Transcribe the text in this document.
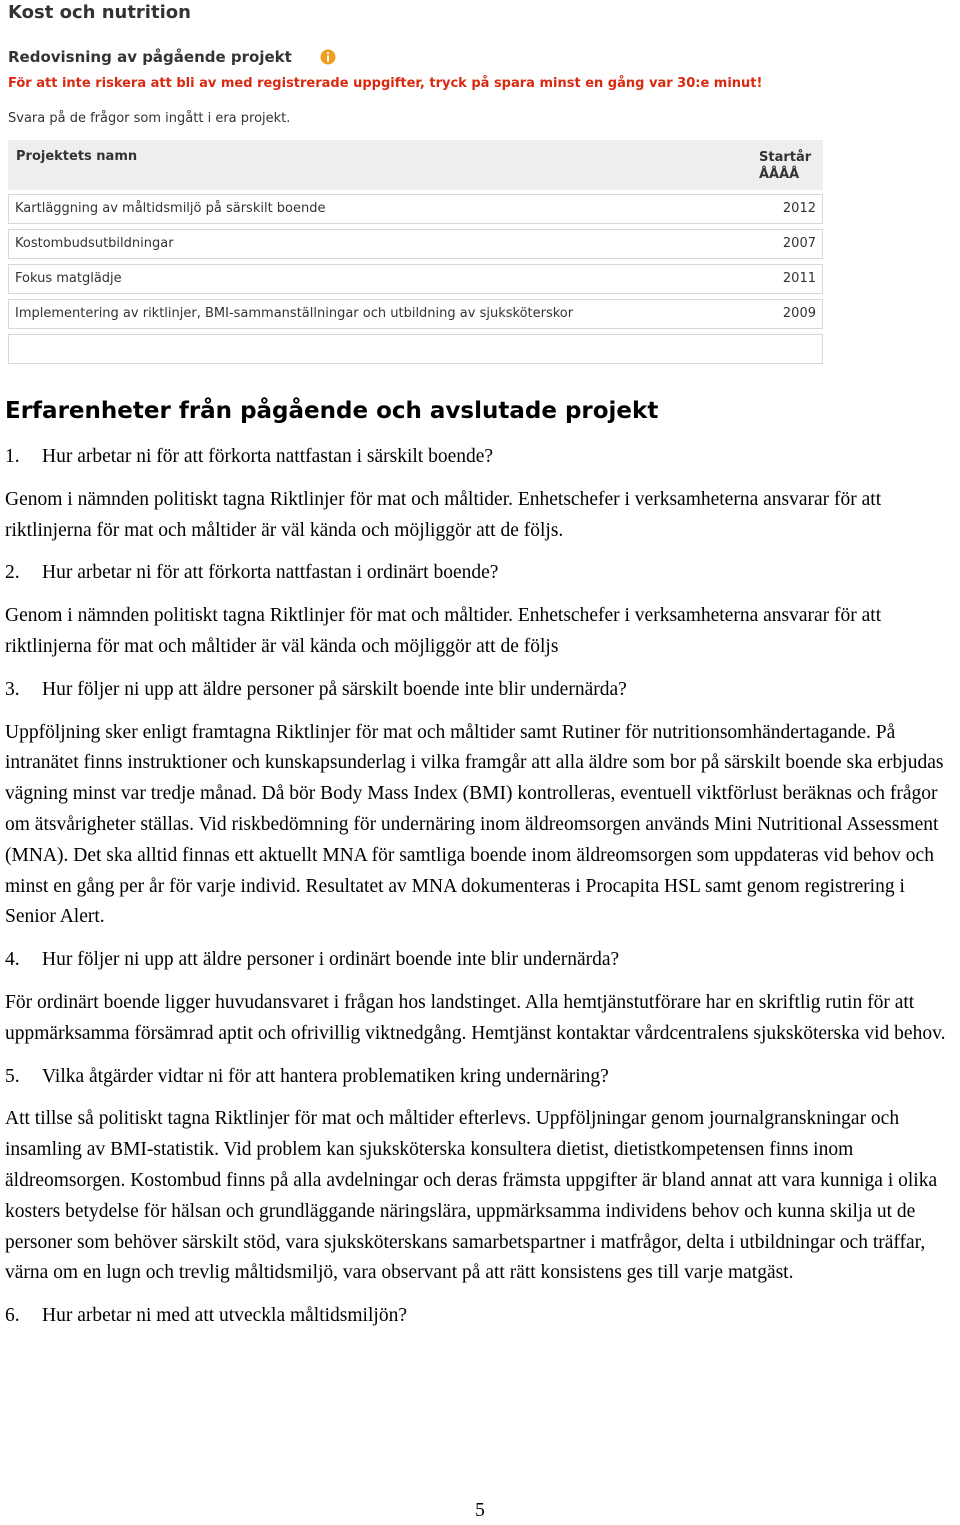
Kost och nutrition
Redovisning av pågående projekt

För att inte riskera att bli av med registrerade uppgifter, tryck på spara minst en gång var 30:e minut!

Svara på de frågor som ingått i era projekt.

Projektets namn	Startår
ÅÅÅÅ
Kartläggning av måltidsmiljö på särskilt boende	2012
Kostombudsutbildningar	2007
Fokus matglädje	2011
Implementering av riktlinjer, BMI-sammanställningar och utbildning av sjuksköterskor	2009
Erfarenheter från pågående och avslutade projekt

1. Hur arbetar ni för att förkorta nattfastan i särskilt boende?

Genom i nämnden politiskt tagna Riktlinjer för mat och måltider. Enhetschefer i verksamheterna ansvarar för att riktlinjerna för mat och måltider är väl kända och möjliggör att de följs.

2. Hur arbetar ni för att förkorta nattfastan i ordinärt boende?

Genom i nämnden politiskt tagna Riktlinjer för mat och måltider. Enhetschefer i verksamheterna ansvarar för att riktlinjerna för mat och måltider är väl kända och möjliggör att de följs

3. Hur följer ni upp att äldre personer på särskilt boende inte blir undernärda?

Uppföljning sker enligt framtagna Riktlinjer för mat och måltider samt Rutiner för nutritionsomhändertagande. På intranätet finns instruktioner och kunskapsunderlag i vilka framgår att alla äldre som bor på särskilt boende ska erbjudas vägning minst var tredje månad. Då bör Body Mass Index (BMI) kontrolleras, eventuell viktförlust beräknas och frågor om ätsvårigheter ställas. Vid riskbedömning för undernäring inom äldreomsorgen används Mini Nutritional Assessment (MNA). Det ska alltid finnas ett aktuellt MNA för samtliga boende inom äldreomsorgen som uppdateras vid behov och minst en gång per år för varje individ. Resultatet av MNA dokumenteras i Procapita HSL samt genom registrering i Senior Alert.

4. Hur följer ni upp att äldre personer i ordinärt boende inte blir undernärda?

För ordinärt boende ligger huvudansvaret i frågan hos landstinget. Alla hemtjänstutförare har en skriftlig rutin för att uppmärksamma försämrad aptit och ofrivillig viktnedgång. Hemtjänst kontaktar vårdcentralens sjuksköterska vid behov.

5. Vilka åtgärder vidtar ni för att hantera problematiken kring undernäring?

Att tillse så politiskt tagna Riktlinjer för mat och måltider efterlevs. Uppföljningar genom journalgranskningar och insamling av BMI-statistik. Vid problem kan sjuksköterska konsultera dietist, dietistkompetensen finns inom äldreomsorgen. Kostombud finns på alla avdelningar och deras främsta uppgifter är bland annat att vara kunniga i olika kosters betydelse för hälsan och grundläggande näringslära, uppmärksamma individens behov och kunna skilja ut de personer som behöver särskilt stöd, vara sjuksköterskans samarbetspartner i matfrågor, delta i utbildningar och träffar, värna om en lugn och trevlig måltidsmiljö, vara observant på att rätt konsistens ges till varje matgäst.

6. Hur arbetar ni med att utveckla måltidsmiljön?

5
